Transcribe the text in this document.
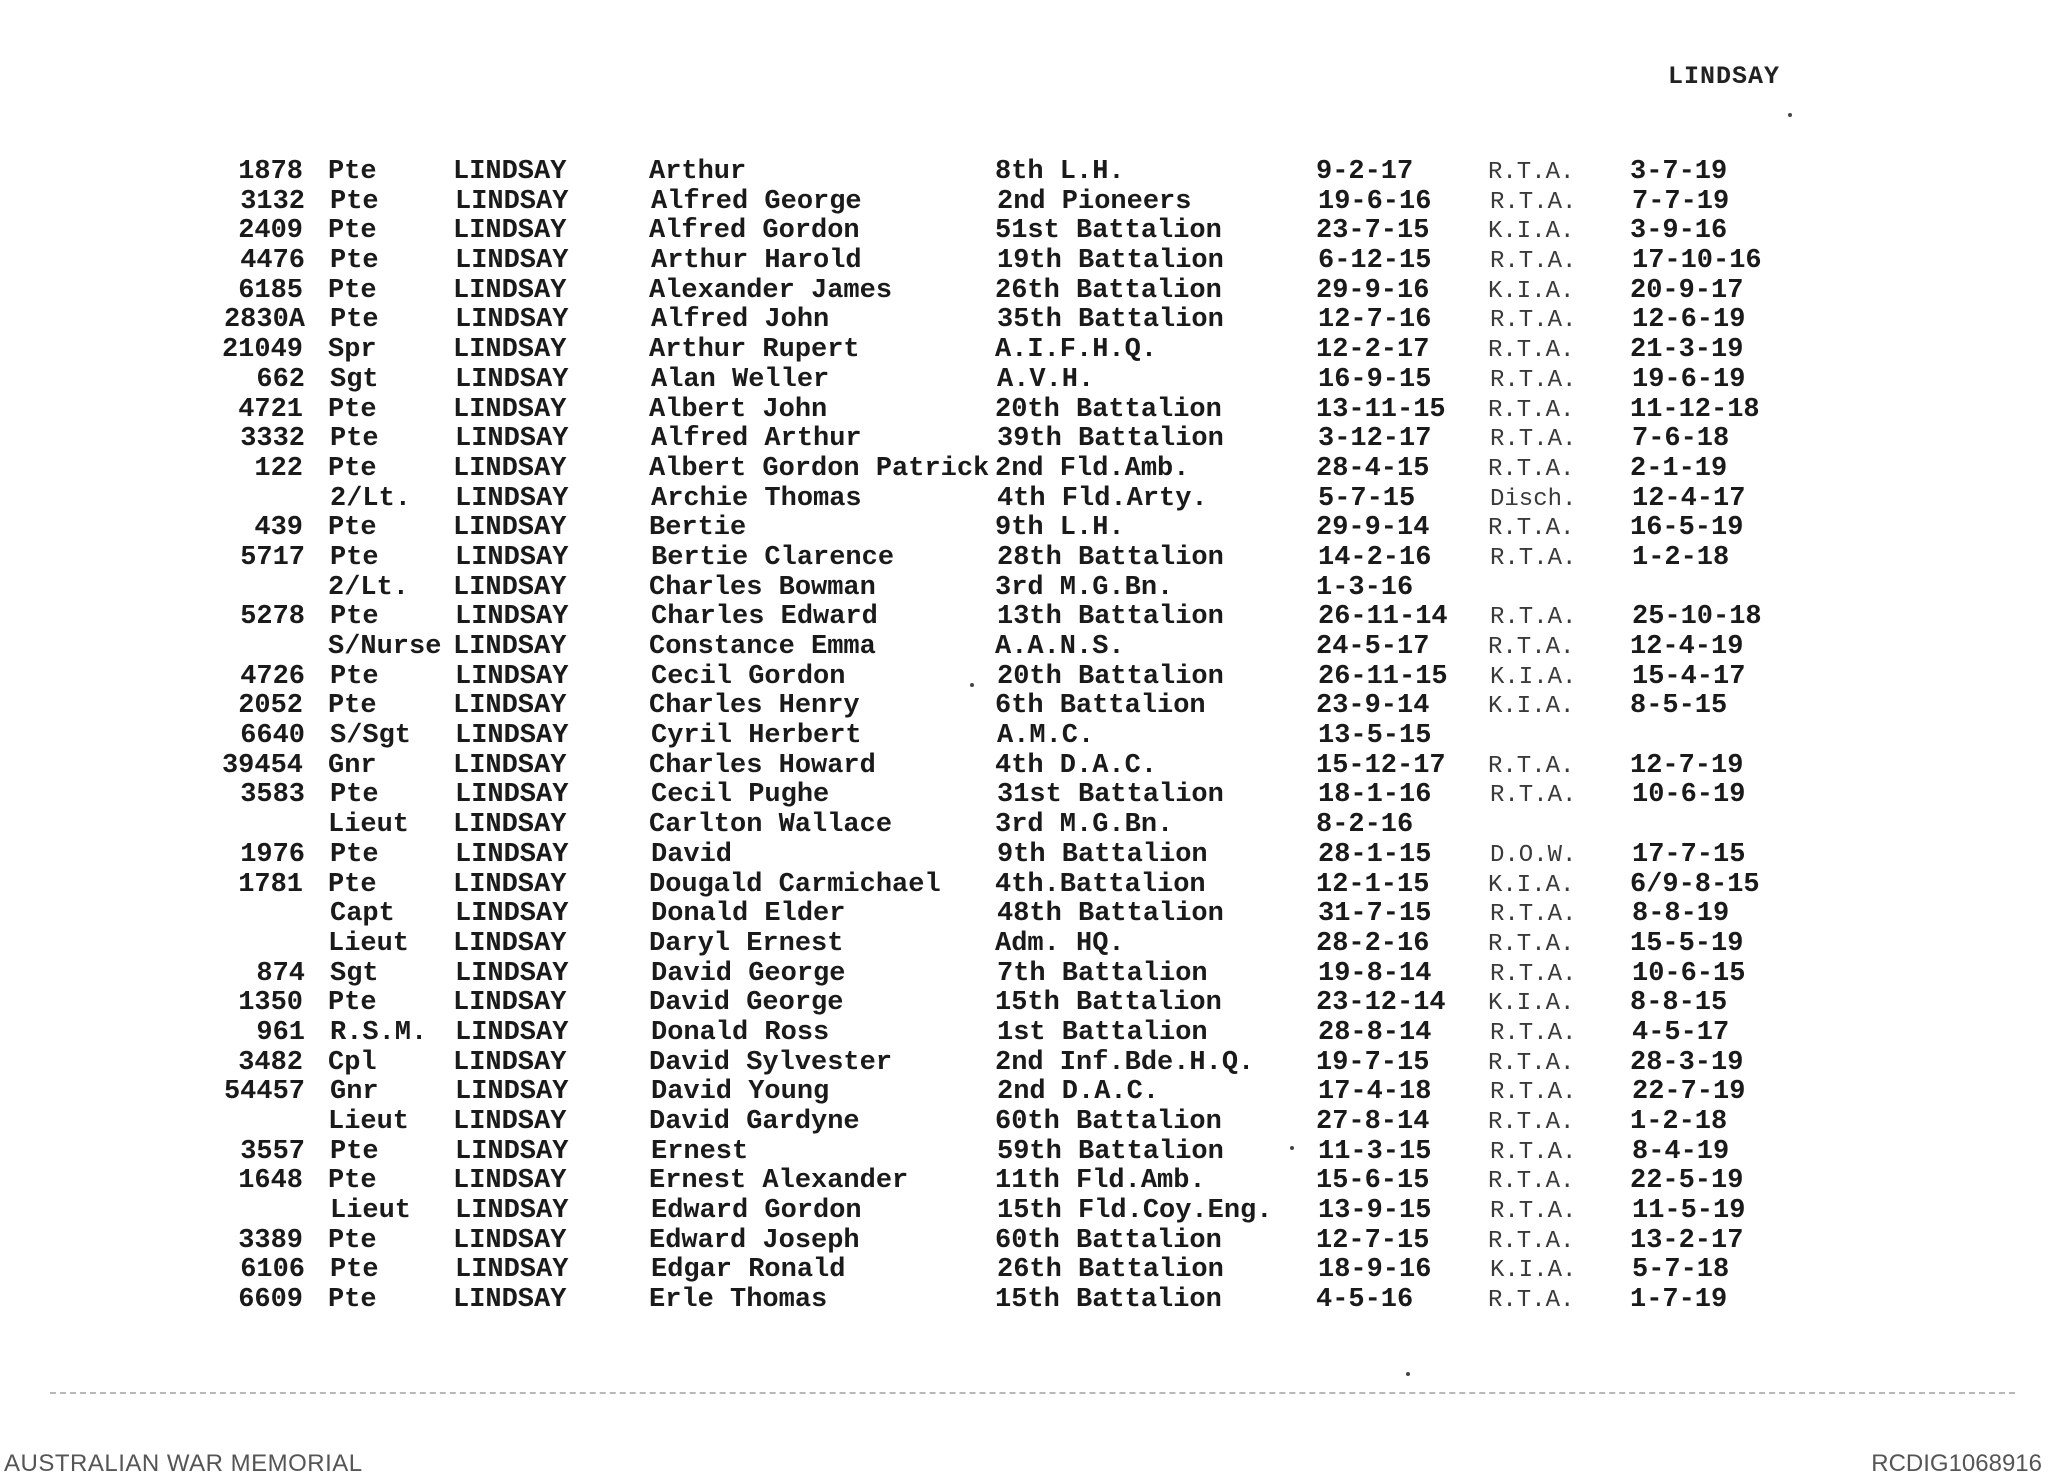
LINDSAY
1878 Pte	LINDSAY	Arthur	8th L.H.	9-2-17	R.T.A. 3-7-19
3132 Pte	LINDSAY	Alfred George	2nd Pioneers	19-6-16 R.T.A. 7-7-19
2409 Pte	LINDSAY	Alfred Gordon	51st Battalion	23-7-15 K.I.A. 3-9-16
4476 Pte	LINDSAY	Arthur Harold	19th Battalion	6-12-15 R.T.A. 17-10-16
6185 Pte	LINDSAY	Alexander James	26th Battalion	29-9-16 K.I.A. 20-9-17
2830A Pte	LINDSAY	Alfred John	35th Battalion	12-7-16 R.T.A. 12-6-19
21049 Spr	LINDSAY	Arthur Rupert	A.I.F.H.Q.	12-2-17 R.T.A. 21-3-19
662 Sgt	LINDSAY	Alan Weller	A.V.H.	16-9-15 R.T.A. 19-6-19
4721 Pte	LINDSAY	Albert John	20th Battalion	13-11-15 R.T.A. 11-12-18
3332 Pte	LINDSAY	Alfred Arthur	39th Battalion	3-12-17 R.T.A. 7-6-18
122 Pte	LINDSAY	Albert Gordon Patrick 2nd Fld.Amb.	28-4-15 R.T.A. 2-1-19
2/Lt. LINDSAY	Archie Thomas	4th Fld.Arty.	5-7-15	Disch. 12-4-17
439 Pte	LINDSAY	Bertie	9th L.H.	29-9-14 R.T.A. 16-5-19
5717 Pte	LINDSAY	Bertie Clarence	28th Battalion	14-2-16 R.T.A. 1-2-18
2/Lt. LINDSAY	Charles Bowman	3rd M.G.Bn.	1-3-16
5278 Pte	LINDSAY	Charles Edward	13th Battalion	26-11-14 R.T.A. 25-10-18
S/Nurse LINDSAY	Constance Emma	A.A.N.S.	24-5-17 R.T.A. 12-4-19
4726 Pte	LINDSAY	Cecil Gordon	20th Battalion	26-11-15 K.I.A. 15-4-17
2052 Pte	LINDSAY	Charles Henry	6th Battalion	23-9-14 K.I.A. 8-5-15
6640 S/Sgt LINDSAY	Cyril Herbert	A.M.C.	13-5-15
39454 Gnr	LINDSAY	Charles Howard	4th D.A.C.	15-12-17 R.T.A. 12-7-19
3583 Pte	LINDSAY	Cecil Pughe	31st Battalion	18-1-16 R.T.A. 10-6-19
Lieut LINDSAY	Carlton Wallace	3rd M.G.Bn.	8-2-16
1976 Pte	LINDSAY	David	9th Battalion	28-1-15 D.O.W. 17-7-15
1781 Pte	LINDSAY	Dougald Carmichael 4th.Battalion	12-1-15 K.I.A. 6/9-8-15
Capt LINDSAY	Donald Elder	48th Battalion	31-7-15 R.T.A. 8-8-19
Lieut LINDSAY	Daryl Ernest	Adm. HQ.	28-2-16 R.T.A. 15-5-19
874 Sgt	LINDSAY	David George	7th Battalion	19-8-14 R.T.A. 10-6-15
1350 Pte	LINDSAY	David George	15th Battalion	23-12-14 K.I.A. 8-8-15
961 R.S.M. LINDSAY	Donald Ross	1st Battalion	28-8-14 R.T.A. 4-5-17
3482 Cpl	LINDSAY	David Sylvester	2nd Inf.Bde.H.Q. 19-7-15 R.T.A. 28-3-19
54457 Gnr	LINDSAY	David Young	2nd D.A.C.	17-4-18 R.T.A. 22-7-19
Lieut LINDSAY	David Gardyne	60th Battalion	27-8-14 R.T.A. 1-2-18
3557 Pte	LINDSAY	Ernest	59th Battalion	11-3-15 R.T.A. 8-4-19
1648 Pte	LINDSAY	Ernest Alexander	11th Fld.Amb.	15-6-15 R.T.A. 22-5-19
Lieut LINDSAY	Edward Gordon	15th Fld.Coy.Eng. 13-9-15 R.T.A. 11-5-19
3389 Pte	LINDSAY	Edward Joseph	60th Battalion	12-7-15 R.T.A. 13-2-17
6106 Pte	LINDSAY	Edgar Ronald	26th Battalion	18-9-16 K.I.A. 5-7-18
6609 Pte	LINDSAY	Erle Thomas	15th Battalion	4-5-16	R.T.A. 1-7-19
AUSTRALIAN WAR MEMORIAL	RCDIG1068916
